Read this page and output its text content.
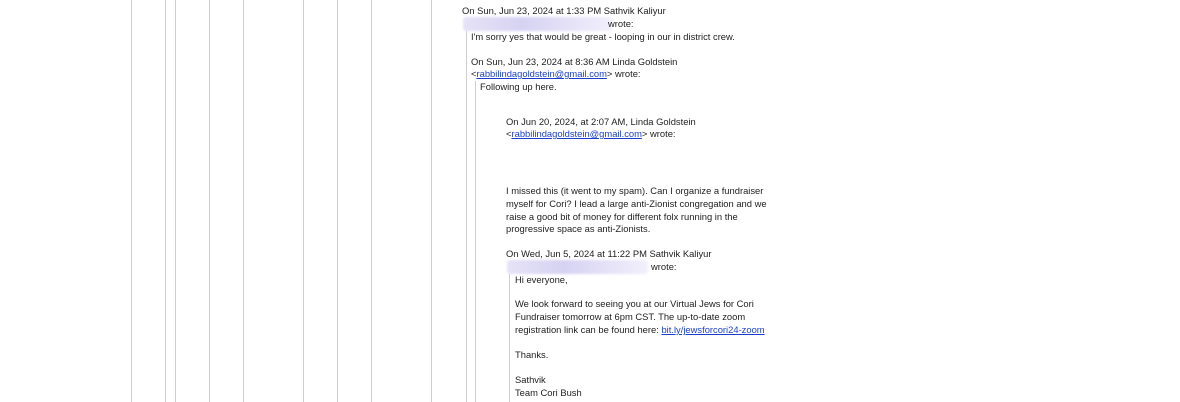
On Sun, Jun 23, 2024 at 1:33 PM Sathvik Kaliyur
wrote:
I'm sorry yes that would be great - looping in our in district crew.
On Sun, Jun 23, 2024 at 8:36 AM Linda Goldstein
<rabbilindagoldstein@gmail.com> wrote:
Following up here.
On Jun 20, 2024, at 2:07 AM, Linda Goldstein
<rabbilindagoldstein@gmail.com> wrote:
I missed this (it went to my spam). Can I organize a fundraiser
myself for Cori? I lead a large anti-Zionist congregation and we
raise a good bit of money for different folx running in the
progressive space as anti-Zionists.
On Wed, Jun 5, 2024 at 11:22 PM Sathvik Kaliyur
wrote:
Hi everyone,
We look forward to seeing you at our Virtual Jews for Cori
Fundraiser tomorrow at 6pm CST. The up-to-date zoom
registration link can be found here: bit.ly/jewsforcori24-zoom
Thanks.
Sathvik
Team Cori Bush
